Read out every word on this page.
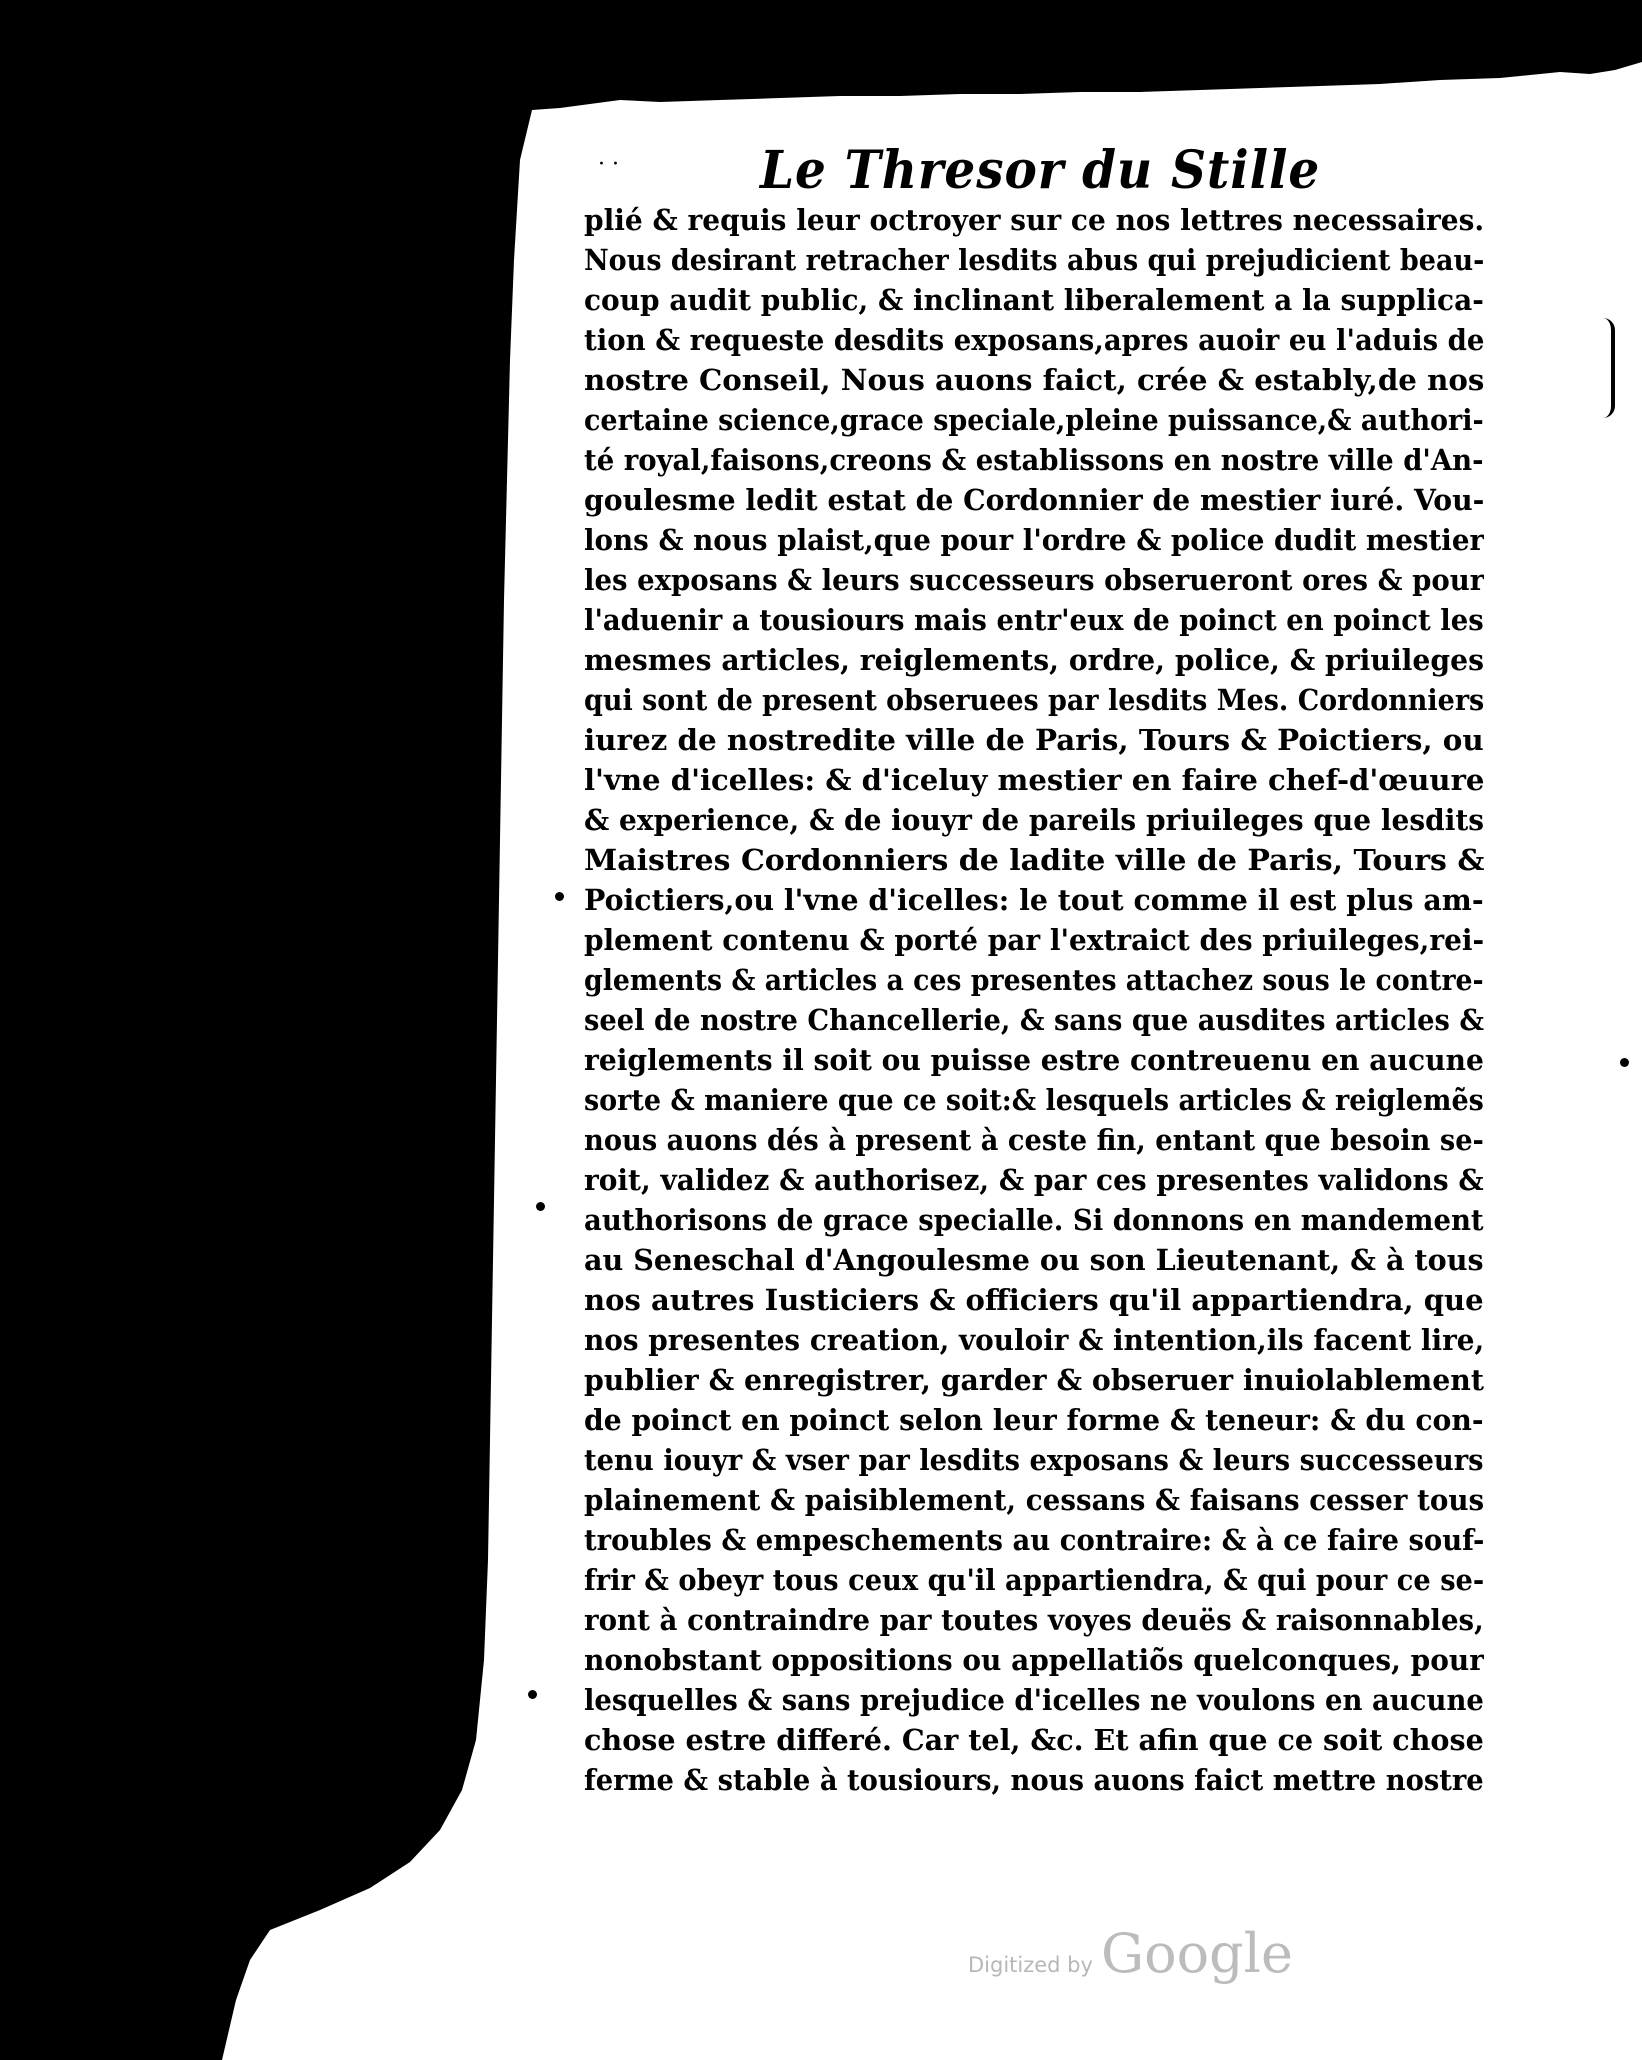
· ·	Le Thresor du Stille
plié & requis leur octroyer sur ce nos lettres necessaires.
Nous desirant retracher lesdits abus qui prejudicient beau-
coup audit public, & inclinant liberalement a la supplica-
tion & requeste desdits exposans,apres auoir eu l'aduis de
nostre Conseil, Nous auons faict, crée & estably,de nos
certaine science,grace speciale,pleine puissance,& authori-
té royal,faisons,creons & establissons en nostre ville d'An-
goulesme ledit estat de Cordonnier de mestier iuré. Vou-
lons & nous plaist,que pour l'ordre & police dudit mestier
les exposans & leurs successeurs obserueront ores & pour
l'aduenir a tousiours mais entr'eux de poinct en poinct les
mesmes articles, reiglements, ordre, police, & priuileges
qui sont de present obseruees par lesdits Mes. Cordonniers
iurez de nostredite ville de Paris, Tours & Poictiers, ou
l'vne d'icelles: & d'iceluy mestier en faire chef-d'œuure
& experience, & de iouyr de pareils priuileges que lesdits
Maistres Cordonniers de ladite ville de Paris, Tours &
Poictiers,ou l'vne d'icelles: le tout comme il est plus am-
plement contenu & porté par l'extraict des priuileges,rei-
glements & articles a ces presentes attachez sous le contre-
seel de nostre Chancellerie, & sans que ausdites articles &
reiglements il soit ou puisse estre contreuenu en aucune
sorte & maniere que ce soit:& lesquels articles & reiglemẽs
nous auons dés à present à ceste fin, entant que besoin se-
roit, validez & authorisez, & par ces presentes validons &
authorisons de grace specialle. Si donnons en mandement
au Seneschal d'Angoulesme ou son Lieutenant, & à tous
nos autres Iusticiers & officiers qu'il appartiendra, que
nos presentes creation, vouloir & intention,ils facent lire,
publier & enregistrer, garder & obseruer inuiolablement
de poinct en poinct selon leur forme & teneur: & du con-
tenu iouyr & vser par lesdits exposans & leurs successeurs
plainement & paisiblement, cessans & faisans cesser tous
troubles & empeschements au contraire: & à ce faire souf-
frir & obeyr tous ceux qu'il appartiendra, & qui pour ce se-
ront à contraindre par toutes voyes deuës & raisonnables,
nonobstant oppositions ou appellatiõs quelconques, pour
lesquelles & sans prejudice d'icelles ne voulons en aucune
chose estre differé. Car tel, &c. Et afin que ce soit chose
ferme & stable à tousiours, nous auons faict mettre nostre
Digitized by Google
